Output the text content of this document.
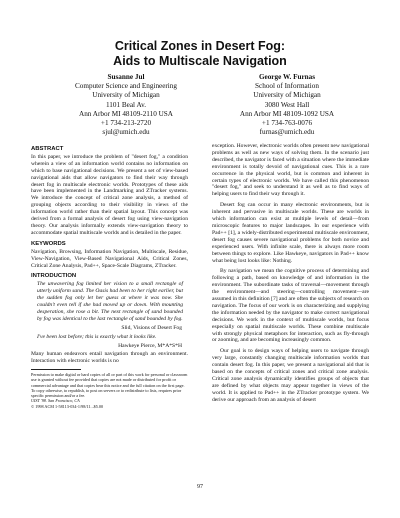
Critical Zones in Desert Fog:
Aids to Multiscale Navigation
Susanne Jul
Computer Science and Engineering
University of Michigan
1101 Beal Av.
Ann Arbor MI 48109-2110 USA
+1 734-213-2720
sjul@umich.edu
George W. Furnas
School of Information
University of Michigan
3080 West Hall
Ann Arbor MI 48109-1092 USA
+1 734-763-0076
furnas@umich.edu
ABSTRACT

In this paper, we introduce the problem of "desert fog," a condition wherein a view of an information world contains no information on which to base navigational decisions. We present a set of view-based navigational aids that allow navigators to find their way through desert fog in multiscale electronic worlds. Prototypes of these aids have been implemented in the Landmarking and ZTracker systems. We introduce the concept of critical zone analysis, a method of grouping objects according to their visibility in views of the information world rather than their spatial layout. This concept was derived from a formal analysis of desert fog using view-navigation theory. Our analysis informally extends view-navigation theory to accommodate spatial multiscale worlds and is detailed in the paper.

KEYWORDS

Navigation, Browsing, Information Navigation, Multiscale, Residue, View-Navigation, View-Based Navigational Aids, Critical Zones, Critical Zone Analysis, Pad++, Space-Scale Diagrams, ZTracker.

INTRODUCTION
The unwavering fog limited her vision to a small rectangle of utterly uniform sand. The Oasis had been to her right earlier, but the sudden fog only let her guess at where it was now. She couldn't even tell if she had moved up or down. With mounting desperation, she rose a bit. The next rectangle of sand bounded by fog was identical to the last rectangle of sand bounded by fog.
Slid, Visions of Desert Fog
I've been lost before; this is exactly what it looks like.
Hawkeye Pierce, M*A*S*H

Many human endeavors entail navigation through an environment. Interaction with electronic worlds is no

Permission to make digital or hard copies of all or part of this work for personal or classroom use is granted without fee provided that copies are not made or distributed for profit or commercial advantage and that copies bear this notice and the full citation on the first page. To copy otherwise, to republish, to post on servers or to redistribute to lists, requires prior specific permission and/or a fee.
UIST '98. San Francisco, CA
© 1998 ACM 1-58113-034-1/98/11...$5.00

exception. However, electronic worlds often present new navigational problems as well as new ways of solving them. In the scenario just described, the navigator is faced with a situation where the immediate environment is totally devoid of navigational cues. This is a rare occurrence in the physical world, but is common and inherent in certain types of electronic worlds. We have called this phenomenon "desert fog," and seek to understand it as well as to find ways of helping users to find their way through it.

Desert fog can occur in many electronic environments, but is inherent and pervasive in multiscale worlds. These are worlds in which information can exist at multiple levels of detail—from microscopic features to major landscapes. In our experience with Pad++ [1], a widely-distributed experimental multiscale environment, desert fog causes severe navigational problems for both novice and experienced users. With infinite scale, there is always more room between things to explore. Like Hawkeye, navigators in Pad++ know what being lost looks like: Nothing.

By navigation we mean the cognitive process of determining and following a path, based on knowledge of and information in the environment. The subordinate tasks of traversal—movement through the environment—and steering—controlling movement—are assumed in this definition [7] and are often the subjects of research on navigation. The focus of our work is on characterizing and supplying the information needed by the navigator to make correct navigational decisions. We work in the context of multiscale worlds, but focus especially on spatial multiscale worlds. These combine multiscale with strongly physical metaphors for interaction, such as fly-through or zooming, and are becoming increasingly common.

Our goal is to design ways of helping users to navigate through very large, constantly changing multiscale information worlds that contain desert fog. In this paper, we present a navigational aid that is based on the concepts of critical zones and critical zone analysis. Critical zone analysis dynamically identifies groups of objects that are defined by what objects may appear together in views of the world. It is applied to Pad++ in the ZTracker prototype system. We derive our approach from an analysis of desert

97
